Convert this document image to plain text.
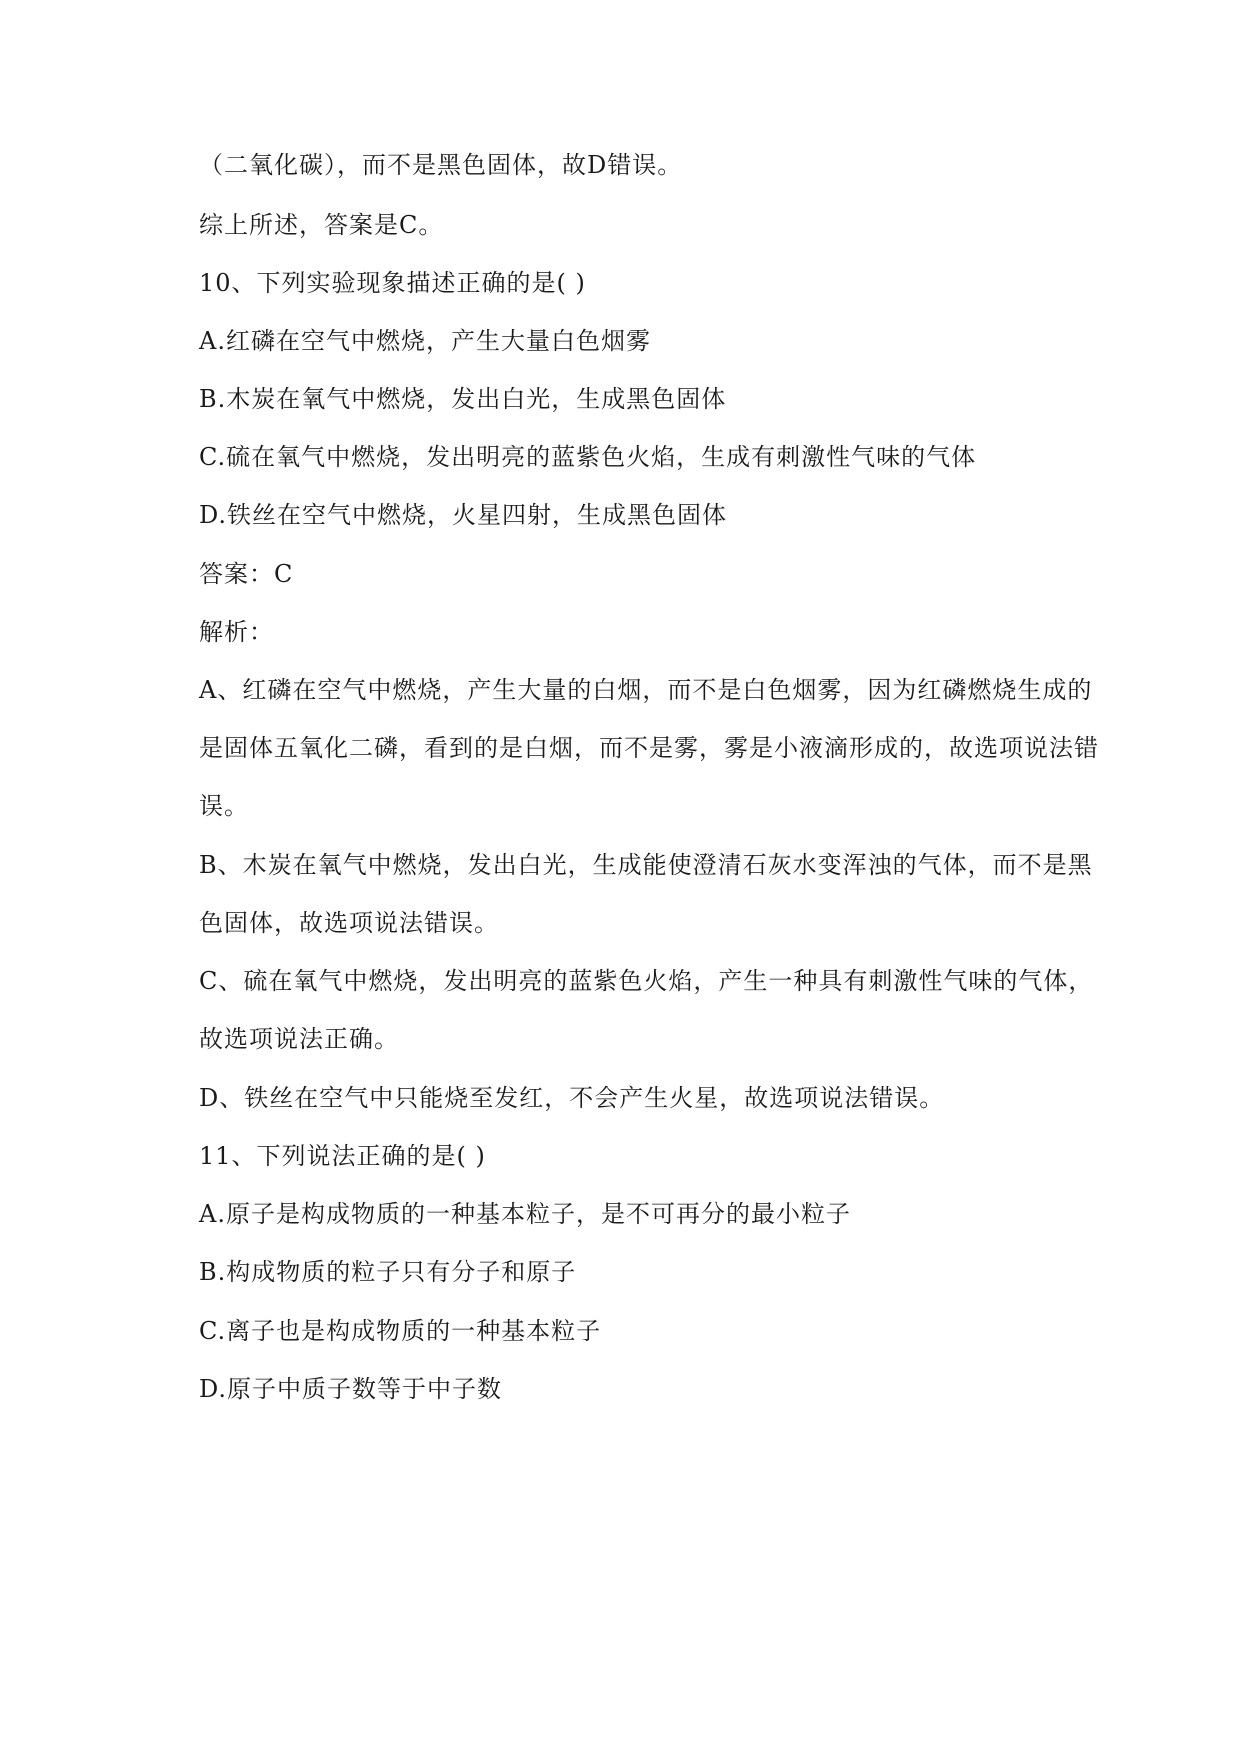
（二氧化碳），而不是黑色固体，故D错误。
综上所述，答案是C。
10、下列实验现象描述正确的是( )
A.红磷在空气中燃烧，产生大量白色烟雾
B.木炭在氧气中燃烧，发出白光，生成黑色固体
C.硫在氧气中燃烧，发出明亮的蓝紫色火焰，生成有刺激性气味的气体
D.铁丝在空气中燃烧，火星四射，生成黑色固体
答案：C
解析：
A、红磷在空气中燃烧，产生大量的白烟，而不是白色烟雾，因为红磷燃烧生成的
是固体五氧化二磷，看到的是白烟，而不是雾，雾是小液滴形成的，故选项说法错
误。
B、木炭在氧气中燃烧，发出白光，生成能使澄清石灰水变浑浊的气体，而不是黑
色固体，故选项说法错误。
C、硫在氧气中燃烧，发出明亮的蓝紫色火焰，产生一种具有刺激性气味的气体，
故选项说法正确。
D、铁丝在空气中只能烧至发红，不会产生火星，故选项说法错误。
11、下列说法正确的是( )
A.原子是构成物质的一种基本粒子，是不可再分的最小粒子
B.构成物质的粒子只有分子和原子
C.离子也是构成物质的一种基本粒子
D.原子中质子数等于中子数
